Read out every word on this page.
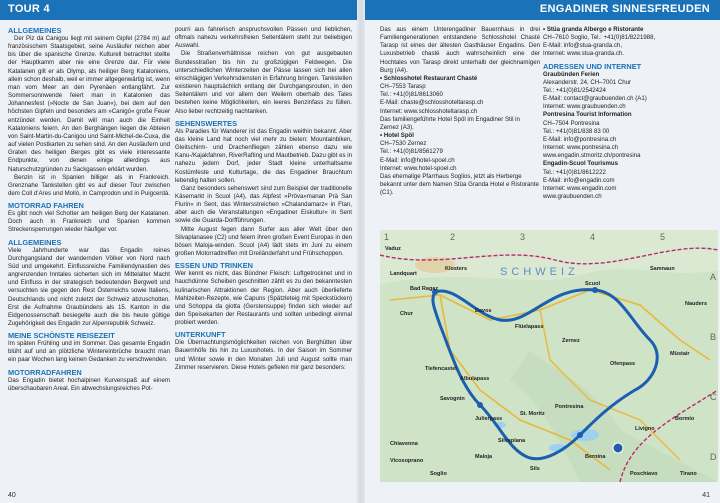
TOUR 4	ENGADINER SINNESFREUDEN
ALLGEMEINES

Der Piz da Canigou liegt mit seinem Gipfel (2784 m) auf französischem Staatsgebiet, seine Ausläufer reichen aber bis über die spanische Grenze. Kulturell betrachtet stellte der Hauptkamm aber nie eine Grenze dar. Für viele Katalanen gilt er als Olymp, als heiliger Berg Kataloniens, allein schon deshalb, weil er immer allgegenwärtig ist, wenn man vom Meer an den Pyrenäen entlangfährt. Zur Sommersonnwende feiert man in Katalonien das Johannesfest (»Nocte de San Juan«), bei dem auf den höchsten Gipfeln und besonders am »Canigó« große Feuer entzündet werden. Damit will man auch die Einheit Kataloniens feiern. An den Berghängen liegen die Abteien von Saint-Martin-du-Canigou und Saint-Michel-de-Cuxa, die auf vielen Postkarten zu sehen sind. An den Ausläufern und Graten des heiligen Berges gibt es viele interessante Endpunkte, von denen einige allerdings aus Naturschutzgründen zu Sackgassen erklärt wurden.

Benzin ist in Spanien billiger als in Frankreich. Grenznahe Tankstellen gibt es auf dieser Tour zwischen dem Coll d’Ares und Molló, in Camprodon und in Puigcerdà.

MOTORRAD FAHREN

Es gibt noch viel Schotter am heiligen Berg der Katalanen. Doch auch in Frankreich und Spanien kommen Streckensperrungen wieder häufiger vor.

ALLGEMEINES

Viele Jahrhunderte war das Engadin reines Durchgangsland der wandernden Völker von Nord nach Süd und umgekehrt. Einflussreiche Familiendynastien des angrenzenden Inntales sicherten sich im Mittelalter Macht und Einfluss in der strategisch bedeutenden Bergwelt und versuchten sie gegen den Rest Österreichs sowie Italiens, Deutschlands und nicht zuletzt der Schweiz abzuschotten. Erst die Aufnahme Graubündens als 15. Kanton in die Eidgenossenschaft besiegelte auch die bis heute gültige Zugehörigkeit des Engadin zur Alpenrepublik Schweiz.

MEINE SCHÖNSTE REISEZEIT

Im späten Frühling und im Sommer. Das gesamte Engadin blüht auf und an plötzliche Wintereinbrüche braucht man ein paar Wochen lang keinen Gedanken zu verschwenden.

MOTORRADFAHREN

Das Engadin bietet hochalpinen Kurvenspaß auf einem überschaubaren Areal. Ein abwechslungsreiches Pot-

pourri aus fahrerisch anspruchsvollen Pässen und lieblichen, oftmals nahezu verkehrsfreien Seitentälern steht zur beliebigen Auswahl.

Die Straßenverhältnisse reichen von gut ausgebauten Bundesstraßen bis hin zu großzügigen Feldwegen. Die unterschiedlichen Winterzeiten der Pässe lassen sich bei allen einschlägigen Verkehrsdiensten in Erfahrung bringen. Tankstellen existieren hauptsächlich entlang der Durchgangsrouten, in den Seitentälern und vor allem den Weilern oberhalb des Tales bestehen keine Möglichkeiten, ein leeres Benzinfass zu füllen. Also lieber rechtzeitig nachtanken.

SEHENSWERTES

Als Paradies für Wanderer ist das Engadin weithin bekannt. Aber das kleine Land hat noch viel mehr zu bieten: Mountainbiken, Gleitschirm- und Drachenfliegen zählen ebenso dazu wie Kanu-/Kajakfahren, RiverRafting und Mautbetrieb. Dazu gibt es in nahezu jedem Dorf, jeder Stadt kleine unterhaltsame Kostümfeste und Kulturtage, die das Engadiner Brauchtum lebendig halten sollen.

Ganz besonders sehenswert sind zum Beispiel der traditionelle Käsemarkt in Scuol (A4), das Alpfest »Pröva»manan Prà San Flurin« in Sent, das Wintersstreichen »Chalandamarz« in Ftan, aber auch die Veranstaltungen »Engadiner Eiskultur« in Sent sowie die Guarda-Dorfführungen.

Mitte August fegen dann Surfer aus aller Welt über den Silvaplanasee (C2) und feiern ihren großen Event Europas in den bösen Maloja-winden. Scuol (A4) lädt stets im Juni zu einem großen Motorradtreffen mit Dreiländerfahrt und Frühschoppen.

ESSEN UND TRINKEN

Wer kennt es nicht, das Bündner Fleisch: Luftgetrocknet und in hauchdünne Scheiben geschnitten zählt es zu den bekanntesten kulinarischen Attraktionen der Region. Aber auch überlieferte Mahlzeiten-Rezepte, wie Capuns (Spätzleteig mit Speckstücken) und Schoppa da giotta (Gerstensuppe) finden sich wieder auf den Speisekarten der Restaurants und sollten unbedingt einmal probiert werden.

UNTERKUNFT

Die Übernachtungsmöglichkeiten reichen von Berghütten über Bauernhöfe bis hin zu Luxushotels. In der Saison im Sommer und Winter sowie in den Monaten Juli und August sollte man Zimmer reservieren. Diese Hotels gefielen mir ganz besonders:

Das aus einem Unterengadiner Bauernhaus in drei Familiengenerationen entstandene Schlosshotel Chasté Tarasp ist eines der ältesten Gasthäuser Engadins. Den Luxusbetrieb chasté auch wahrscheinlich eine der Hochtales von Tarasp direkt unterhalb der gleichnamigen Burg (A4).

• Schlosshotel Restaurant Chasté
CH–7553 Tarasp
Tel.: +41(0)81/8613060
E-Mail: chaste@schlosshoteltarasp.ch
Internet: www.schlosshoteltarasp.ch
Das familiengeführte Hotel Spöl im Engadiner Stil in Zernez (A3).
• Hotel Spöl
CH–7530 Zernez
Tel.: +41(0)81/8561279
E-Mail: info@hotel-spoel.ch
Internet: www.hotel-spoel.ch
Das ehemalige Pfarrhaus Soglios, jetzt als Herberge bekannt unter dem Namen Stüa Granda Hotel e Ristorante (C1).
• Stüa granda Albergo e Ristorante
CH–7610 Soglio, Tel.: +41(0)81/8221988,
E-Mail: info@stua-granda.ch,
Internet: www.stua-granda.ch.
ADRESSEN UND INTERNET
Graubünden Ferien
Alexanderstr. 24, CH–7001 Chur
Tel.: +41(0)81/2542424
E-Mail: contact@graubuenden.ch (A1)
Internet: www.graubuenden.ch
Pontresina Tourist Information
CH–7504 Pontresina
Tel.: +41(0)81/838 83 00
E-Mail: info@pontresina.ch
Internet: www.pontresina.ch
www.engadin.stmoritz.ch/pontresina
Engadin-Scuol Tourismus
Tel.: +41(0)81/8612222
E-Mail: info@engadin.com
Internet: www.engadin.com
www.graubuenden.ch
1	2	3	4	5
A
B
C
D
SCHWEIZ
Bad Ragaz
Chur	Davos
Flüelapass
Scuol
Zernez
Samnaun
Ofenpass
Müstair
Tiefencastel
Savognin
Albulapass
Julierpass
St. Moritz
Pontresina
Silvaplana
Maloja
Sils
Bernina
Livigno
Bormio
Poschiavo	Tirano
Soglio
Vicosoprano
Chiavenna
Klosters
Landquart
Nauders
Vaduz
40	41
